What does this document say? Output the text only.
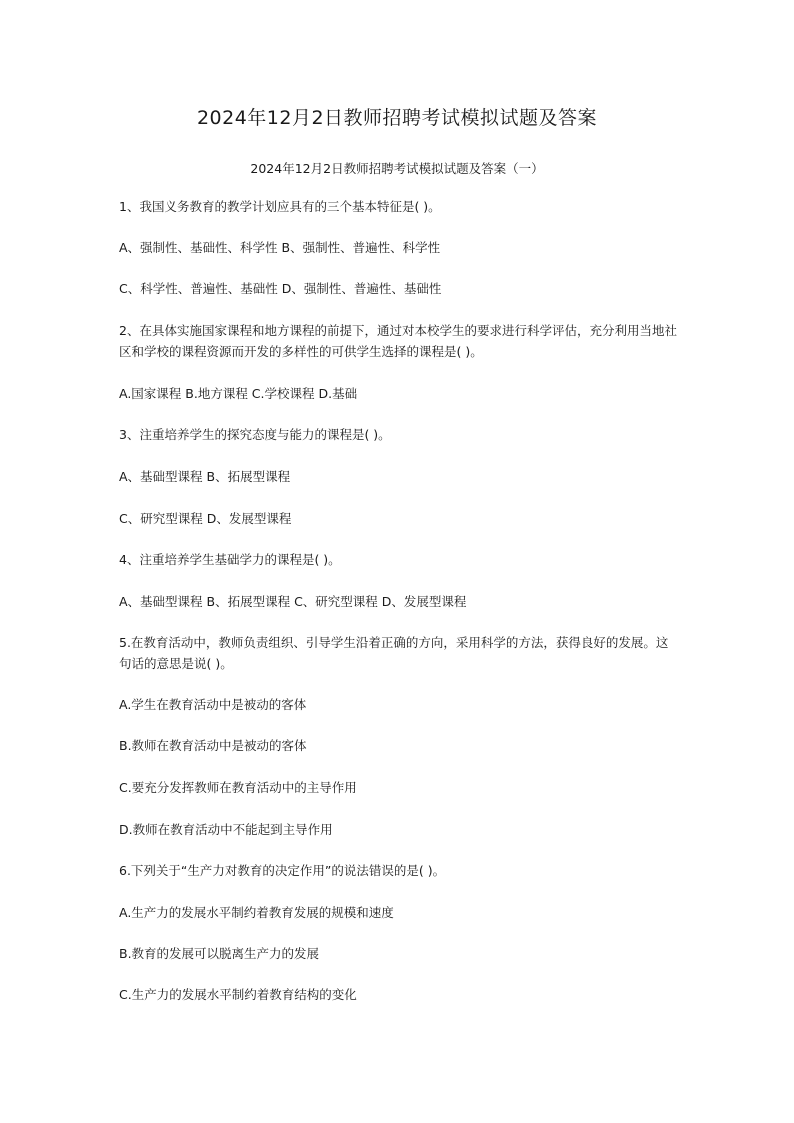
2024年12月2日教师招聘考试模拟试题及答案
2024年12月2日教师招聘考试模拟试题及答案（一）

1、我国义务教育的教学计划应具有的三个基本特征是( )。

A、强制性、基础性、科学性 B、强制性、普遍性、科学性

C、科学性、普遍性、基础性 D、强制性、普遍性、基础性

2、在具体实施国家课程和地方课程的前提下，通过对本校学生的要求进行科学评估，充分利用当地社区和学校的课程资源而开发的多样性的可供学生选择的课程是( )。

A.国家课程 B.地方课程 C.学校课程 D.基础

3、注重培养学生的探究态度与能力的课程是( )。

A、基础型课程 B、拓展型课程

C、研究型课程 D、发展型课程

4、注重培养学生基础学力的课程是( )。

A、基础型课程 B、拓展型课程 C、研究型课程 D、发展型课程

5.在教育活动中，教师负责组织、引导学生沿着正确的方向，采用科学的方法，获得良好的发展。这句话的意思是说( )。

A.学生在教育活动中是被动的客体

B.教师在教育活动中是被动的客体

C.要充分发挥教师在教育活动中的主导作用

D.教师在教育活动中不能起到主导作用

6.下列关于“生产力对教育的决定作用”的说法错误的是( )。

A.生产力的发展水平制约着教育发展的规模和速度

B.教育的发展可以脱离生产力的发展

C.生产力的发展水平制约着教育结构的变化
